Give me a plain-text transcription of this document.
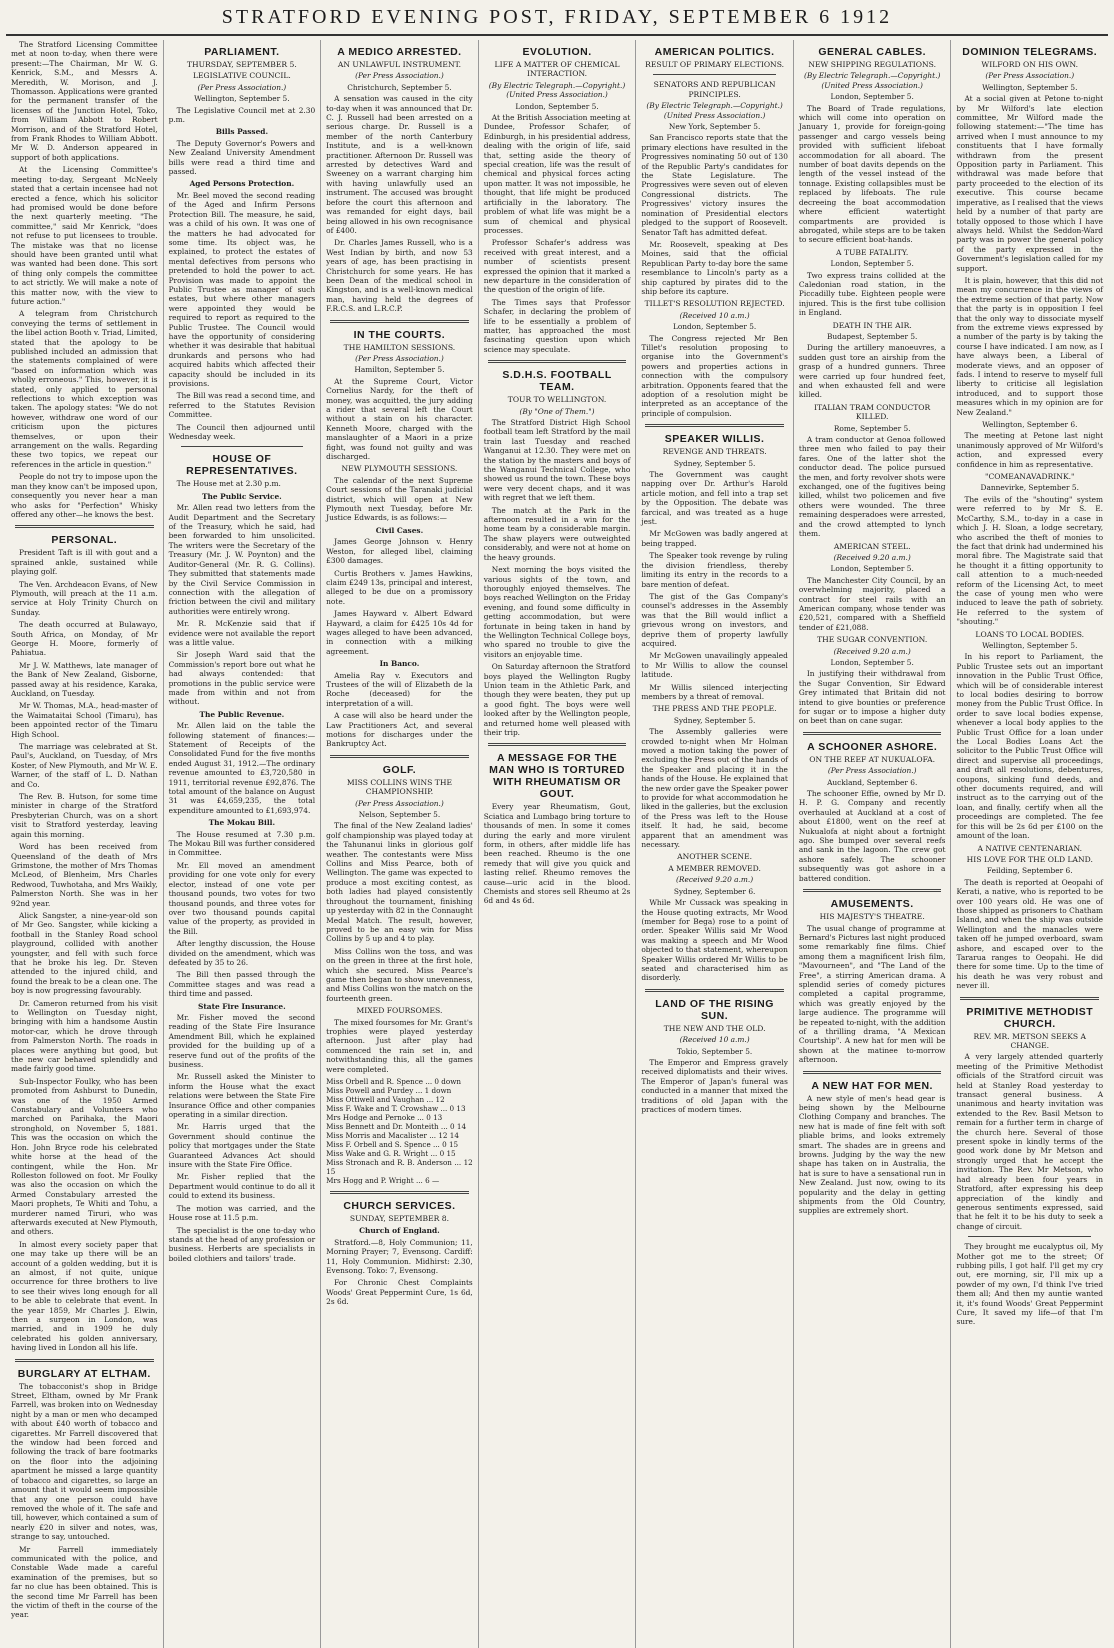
STRATFORD EVENING POST, FRIDAY, SEPTEMBER 6 1912

The Stratford Licensing Committee met at noon to-day, when there were present:—The Chairman, Mr W. G. Kenrick, S.M., and Messrs A. Meredith, W. Morison, and J. Thomasson. Applications were granted for the permanent transfer of the licenses of the Junction Hotel, Toko, from William Abbott to Robert Morrison, and of the Stratford Hotel, from Frank Rhodes to William Abbott. Mr W. D. Anderson appeared in support of both applications.

At the Licensing Committee's meeting to-day, Sergeant McNeely stated that a certain incensee had not erected a fence, which his solicitor had promised would be done before the next quarterly meeting. "The committee," said Mr Kenrick, "does not refuse to put licensees to trouble. The mistake was that no license should have been granted until what was wanted had been done. This sort of thing only compels the committee to act strictly. We will make a note of this matter now, with the view to future action."

A telegram from Christchurch conveying the terms of settlement in the libel action Booth v. Triad, Limited, stated that the apology to be published included an admission that the statements complained of were "based on information which was wholly erroneous." This, however, it is stated, only applied to personal reflections to which exception was taken. The apology states: "We do not however, withdraw one word of our criticism upon the pictures themselves, or upon their arrangement on the walls. Regarding these two topics, we repeat our references in the article in question."

People do not try to impose upon the man they know can't be imposed upon, consequently you never hear a man who asks for "Perfection" Whisky offered any other—he knows the best.

PERSONAL.

President Taft is ill with gout and a sprained ankle, sustained while playing golf.

The Ven. Archdeacon Evans, of New Plymouth, will preach at the 11 a.m. service at Holy Trinity Church on Sunday.

The death occurred at Bulawayo, South Africa, on Monday, of Mr George H. Moore, formerly of Pahiatua.

Mr J. W. Matthews, late manager of the Bank of New Zealand, Gisborne, passed away at his residence, Karaka, Auckland, on Tuesday.

Mr W. Thomas, M.A., head-master of the Waimataitai School (Timaru), has been appointed rector of the Timaru High School.

The marriage was celebrated at St. Paul's, Auckland, on Tuesday, of Mrs Koster, of New Plymouth, and Mr W. E. Warner, of the staff of L. D. Nathan and Co.

The Rev. B. Hutson, for some time minister in charge of the Stratford Presbyterian Church, was on a short visit to Stratford yesterday, leaving again this morning.

Word has been received from Queensland of the death of Mrs Grimstone, the mother of Mrs Thomas McLeod, of Blenheim, Mrs Charles Redwood, Tuwhotaha, and Mrs Waikly, Palmerston North. She was in her 92nd year.

Alick Sangster, a nine-year-old son of Mr Geo. Sangster, while kicking a football in the Stanley Road school playground, collided with another youngster, and fell with such force that he broke his leg. Dr. Steven attended to the injured child, and found the break to be a clean one. The boy is now progressing favourably.

Dr. Cameron returned from his visit to Wellington on Tuesday night, bringing with him a handsome Austin motor-car, which he drove through from Palmerston North. The roads in places were anything but good, but the new car behaved splendidly and made fairly good time.

Sub-Inspector Foulky, who has been promoted from Ashburst to Dunedin, was one of the 1950 Armed Constabulary and Volunteers who marched on Parihaka, the Maori stronghold, on November 5, 1881. This was the occasion on which the Hon. John Bryce rode his celebrated white horse at the head of the contingent, while the Hon. Mr Rolleston followed on foot. Mr Foulky was also the occasion on which the Armed Constabulary arrested the Maori prophets, Te Whiti and Tohu, a murderer named Tiruri, who was afterwards executed at New Plymouth, and others.

In almost every society paper that one may take up there will be an account of a golden wedding, but it is an almost, if not quite, unique occurrence for three brothers to live to see their wives long enough for all to be able to celebrate that event. In the year 1859, Mr Charles J. Elwin, then a surgeon in London, was married, and in 1909 he duly celebrated his golden anniversary, having lived in London all his life.

BURGLARY AT ELTHAM.

The tobacconist's shop in Bridge Street, Eltham, owned by Mr Frank Farrell, was broken into on Wednesday night by a man or men who decamped with about £40 worth of tobacco and cigarettes. Mr Farrell discovered that the window had been forced and following the track of bare footmarks on the floor into the adjoining apartment he missed a large quantity of tobacco and cigarettes, so large an amount that it would seem impossible that any one person could have removed the whole of it. The safe and till, however, which contained a sum of nearly £20 in silver and notes, was, strange to say, untouched.

Mr Farrell immediately communicated with the police, and Constable Wade made a careful examination of the premises, but so far no clue has been obtained. This is the second time Mr Farrell has been the victim of theft in the course of the year.

PARLIAMENT.
THURSDAY, SEPTEMBER 5.
LEGISLATIVE COUNCIL.
(Per Press Association.)
Wellington, September 5.

The Legislative Council met at 2.30 p.m.

Bills Passed.

The Deputy Governor's Powers and New Zealand University Amendment bills were read a third time and passed.

Aged Persons Protection.

Mr. Beel moved the second reading of the Aged and Infirm Persons Protection Bill. The measure, he said, was a child of his own. It was one of the matters he had advocated for some time. Its object was, he explained, to protect the estates of mental defectives from persons who pretended to hold the power to act. Provision was made to appoint the Public Trustee as manager of such estates, but where other managers were appointed they would be required to report as required to the Public Trustee. The Council would have the opportunity of considering whether it was desirable that habitual drunkards and persons who had acquired habits which affected their capacity should be included in its provisions.

The Bill was read a second time, and referred to the Statutes Revision Committee.

The Council then adjourned until Wednesday week.

HOUSE OF REPRESENTATIVES.

The House met at 2.30 p.m.

The Public Service.

Mr. Allen read two letters from the Audit Department and the Secretary of the Treasury, which he said, had been forwarded to him unsolicited. The writers were the Secretary of the Treasury (Mr. J. W. Poynton) and the Auditor-General (Mr. R. G. Collins). They submitted that statements made by the Civil Service Commission in connection with the allegation of friction between the civil and military authorities were entirely wrong.

Mr. R. McKenzie said that if evidence were not available the report was a little value.

Sir Joseph Ward said that the Commission's report bore out what he had always contended: that promotions in the public service were made from within and not from without.

The Public Revenue.

Mr. Allen laid on the table the following statement of finances:—Statement of Receipts of the Consolidated Fund for the five months ended August 31, 1912.—The ordinary revenue amounted to £3,720,580 in 1911, territorial revenue £92,876. The total amount of the balance on August 31 was £4,659,235, the total expenditure amounted to £1,693,974.

The Mokau Bill.

The House resumed at 7.30 p.m. The Mokau Bill was further considered in Committee.

Mr. Ell moved an amendment providing for one vote only for every elector, instead of one vote per thousand pounds, two votes for two thousand pounds, and three votes for over two thousand pounds capital value of the property, as provided in the Bill.

After lengthy discussion, the House divided on the amendment, which was defeated by 35 to 26.

The Bill then passed through the Committee stages and was read a third time and passed.

State Fire Insurance.

Mr. Fisher moved the second reading of the State Fire Insurance Amendment Bill, which he explained provided for the building up of a reserve fund out of the profits of the business.

Mr. Russell asked the Minister to inform the House what the exact relations were between the State Fire Insurance Office and other companies operating in a similar direction.

Mr. Harris urged that the Government should continue the policy that mortgages under the State Guaranteed Advances Act should insure with the State Fire Office.

Mr. Fisher replied that the Department would continue to do all it could to extend its business.

The motion was carried, and the House rose at 11.5 p.m.

The specialist is the one to-day who stands at the head of any profession or business. Herberts are specialists in boiled clothiers and tailors' trade.

A MEDICO ARRESTED.
AN UNLAWFUL INSTRUMENT.
(Per Press Association.)
Christchurch, September 5.

A sensation was caused in the city to-day when it was announced that Dr. C. J. Russell had been arrested on a serious charge. Dr. Russell is a member of the north Canterbury Institute, and is a well-known practitioner. Afternoon Dr. Russell was arrested by detectives Ward and Sweeney on a warrant charging him with having unlawfully used an instrument. The accused was brought before the court this afternoon and was remanded for eight days, bail being allowed in his own recognisance of £400.

Dr. Charles James Russell, who is a West Indian by birth, and now 53 years of age, has been practising in Christchurch for some years. He has been Dean of the medical school in Kingston, and is a well-known medical man, having held the degrees of F.R.C.S. and L.R.C.P.

IN THE COURTS.
THE HAMILTON SESSIONS.
(Per Press Association.)
Hamilton, September 5.

At the Supreme Court, Victor Cornelius Nardy, for the theft of money, was acquitted, the jury adding a rider that several left the Court without a stain on his character. Kenneth Moore, charged with the manslaughter of a Maori in a prize fight, was found not guilty and was discharged.

NEW PLYMOUTH SESSIONS.

The calendar of the next Supreme Court sessions of the Taranaki judicial district, which will open at New Plymouth next Tuesday, before Mr. Justice Edwards, is as follows:—

Civil Cases.

James George Johnson v. Henry Weston, for alleged libel, claiming £300 damages.

Curtis Brothers v. James Hawkins, claim £249 13s, principal and interest, alleged to be due on a promissory note.

James Hayward v. Albert Edward Hayward, a claim for £425 10s 4d for wages alleged to have been advanced, in connection with a milking agreement.

In Banco.

Amelia Ray v. Executors and Trustees of the will of Elizabeth de la Roche (deceased) for the interpretation of a will.

A case will also be heard under the Law Practitioners Act, and several motions for discharges under the Bankruptcy Act.

GOLF.
MISS COLLINS WINS THE CHAMPIONSHIP.
(Per Press Association.)
Nelson, September 5.

The final of the New Zealand ladies' golf championship was played today at the Tahunanui links in glorious golf weather. The contestants were Miss Collins and Miss Pearce, both of Wellington. The game was expected to produce a most exciting contest, as both ladies had played consistently throughout the tournament, finishing up yesterday with 82 in the Connaught Medal Match. The result, however, proved to be an easy win for Miss Collins by 5 up and 4 to play.

Miss Collins won the toss, and was on the green in three at the first hole, which she secured. Miss Pearce's game then began to show unevenness, and Miss Collins won the match on the fourteenth green.

MIXED FOURSOMES.

The mixed foursomes for Mr. Grant's trophies were played yesterday afternoon. Just after play had commenced the rain set in, and notwithstanding this, all the games were completed.

Miss Orbell and R. Spence ... 0 down
Miss Powell and Purdey ... 1 down
Miss Ottiwell and Vaughan ... 12
Miss F. Wake and T. Crowshaw ... 0 13
Mrs Hodge and Pernoke ... 0 13
Miss Bennett and Dr. Monteith ... 0 14
Miss Morris and Macalister ... 12 14
Miss F. Orbell and S. Spence ... 0 15
Miss Wake and G. R. Wright ... 0 15
Miss Stronach and R. B. Anderson ... 12 15
Mrs Hogg and P. Wright ... 6 —
CHURCH SERVICES.
SUNDAY, SEPTEMBER 8.
Church of England.

Stratford.—8, Holy Communion; 11, Morning Prayer; 7, Evensong. Cardiff: 11, Holy Communion. Midhirst: 2.30, Evensong. Toko: 7, Evensong.

For Chronic Chest Complaints Woods' Great Peppermint Cure, 1s 6d, 2s 6d.

EVOLUTION.
LIFE A MATTER OF CHEMICAL INTERACTION.
(By Electric Telegraph.—Copyright.) (United Press Association.)
London, September 5.

At the British Association meeting at Dundee, Professor Schafer, of Edinburgh, in his presidential address, dealing with the origin of life, said that, setting aside the theory of special creation, life was the result of chemical and physical forces acting upon matter. It was not impossible, he thought, that life might be produced artificially in the laboratory. The problem of what life was might be a sum of chemical and physical processes.

Professor Schafer's address was received with great interest, and a number of scientists present expressed the opinion that it marked a new departure in the consideration of the question of the origin of life.

The Times says that Professor Schafer, in declaring the problem of life to be essentially a problem of matter, has approached the most fascinating question upon which science may speculate.

S.D.H.S. FOOTBALL TEAM.
TOUR TO WELLINGTON.
(By "One of Them.")

The Stratford District High School football team left Stratford by the mail train last Tuesday and reached Wanganui at 12.30. They were met on the station by the masters and boys of the Wanganui Technical College, who showed us round the town. These boys were very decent chaps, and it was with regret that we left them.

The match at the Park in the afternoon resulted in a win for the home team by a considerable margin. The shaw players were outweighted considerably, and were not at home on the heavy grounds.

Next morning the boys visited the various sights of the town, and thoroughly enjoyed themselves. The boys reached Wellington on the Friday evening, and found some difficulty in getting accommodation, but were fortunate in being taken in hand by the Wellington Technical College boys, who spared no trouble to give the visitors an enjoyable time.

On Saturday afternoon the Stratford boys played the Wellington Rugby Union team in the Athletic Park, and though they were beaten, they put up a good fight. The boys were well looked after by the Wellington people, and returned home well pleased with their trip.

A MESSAGE FOR THE MAN WHO IS TORTURED WITH RHEUMATISM OR GOUT.

Every year Rheumatism, Gout, Sciatica and Lumbago bring torture to thousands of men. In some it comes during the early and more virulent form, in others, after middle life has been reached. Rheumo is the one remedy that will give you quick and lasting relief. Rheumo removes the cause—uric acid in the blood. Chemists and stores sell Rheumo at 2s 6d and 4s 6d.

AMERICAN POLITICS.
RESULT OF PRIMARY ELECTIONS.
SENATORS AND REPUBLICAN PRINCIPLES.
(By Electric Telegraph.—Copyright.) (United Press Association.)
New York, September 5.

San Francisco reports state that the primary elections have resulted in the Progressives nominating 50 out of 130 of the Republic Party's candidates for the State Legislature. The Progressives were seven out of eleven Congressional districts. The Progressives' victory insures the nomination of Presidential electors pledged to the support of Roosevelt. Senator Taft has admitted defeat.

Mr. Roosevelt, speaking at Des Moines, said that the official Republican Party to-day bore the same resemblance to Lincoln's party as a ship captured by pirates did to the ship before its capture.

TILLET'S RESOLUTION REJECTED.
(Received 10 a.m.)
London, September 5.

The Congress rejected Mr Ben Tillet's resolution proposing to organise into the Government's powers and properties actions in connection with the compulsory arbitration. Opponents feared that the adoption of a resolution might be interpreted as an acceptance of the principle of compulsion.

SPEAKER WILLIS.
REVENGE AND THREATS.
Sydney, September 5.

The Government was caught napping over Dr. Arthur's Harold article motion, and fell into a trap set by the Opposition. The debate was farcical, and was treated as a huge jest.

Mr McGowen was badly angered at being trapped.

The Speaker took revenge by ruling the division friendless, thereby limiting its entry in the records to a bare mention of defeat.

The gist of the Gas Company's counsel's addresses in the Assembly was that the Bill would inflict a grievous wrong on investors, and deprive them of property lawfully acquired.

Mr McGowen unavailingly appealed to Mr Willis to allow the counsel latitude.

Mr Willis silenced interjecting members by a threat of removal.

THE PRESS AND THE PEOPLE.
Sydney, September 5.

The Assembly galleries were crowded to-night when Mr Holman moved a motion taking the power of excluding the Press out of the hands of the Speaker and placing it in the hands of the House. He explained that the new order gave the Speaker power to provide for what accommodation he liked in the galleries, but the exclusion of the Press was left to the House itself. It had, he said, become apparent that an amendment was necessary.

ANOTHER SCENE.
A MEMBER REMOVED.
(Received 9.20 a.m.)
Sydney, September 6.

While Mr Cussack was speaking in the House quoting extracts, Mr Wood (member for Bega) rose to a point of order. Speaker Willis said Mr Wood was making a speech and Mr Wood objected to that statement, whereupon Speaker Willis ordered Mr Willis to be seated and characterised him as disorderly.

LAND OF THE RISING SUN.
THE NEW AND THE OLD.
(Received 10 a.m.)
Tokio, September 5.

The Emperor and Empress gravely received diplomatists and their wives. The Emperor of Japan's funeral was conducted in a manner that mixed the traditions of old Japan with the practices of modern times.

GENERAL CABLES.
NEW SHIPPING REGULATIONS.
(By Electric Telegraph.—Copyright.) (United Press Association.)
London, September 5.

The Board of Trade regulations, which will come into operation on January 1, provide for foreign-going passenger and cargo vessels being provided with sufficient lifeboat accommodation for all aboard. The number of boat davits depends on the length of the vessel instead of the tonnage. Existing collapsibles must be replaced by lifeboats. The rule decreeing the boat accommodation where efficient watertight compartments are provided is abrogated, while steps are to be taken to secure efficient boat-hands.

A TUBE FATALITY.
London, September 5.

Two express trains collided at the Caledonian road station, in the Piccadilly tube. Eighteen people were injured. This is the first tube collision in England.

DEATH IN THE AIR.
Budapest, September 5.

During the artillery manoeuvres, a sudden gust tore an airship from the grasp of a hundred gunners. Three were carried up four hundred feet, and when exhausted fell and were killed.

ITALIAN TRAM CONDUCTOR KILLED.
Rome, September 5.

A tram conductor at Genoa followed three men who failed to pay their fares. One of the latter shot the conductor dead. The police pursued the men, and forty revolver shots were exchanged, one of the fugitives being killed, whilst two policemen and five others were wounded. The three remaining desperadoes were arrested, and the crowd attempted to lynch them.

AMERICAN STEEL.
(Received 9.20 a.m.)
London, September 5.

The Manchester City Council, by an overwhelming majority, placed a contract for steel rails with an American company, whose tender was £20,521, compared with a Sheffield tender of £21,088.

THE SUGAR CONVENTION.
(Received 9.20 a.m.)
London, September 5.

In justifying their withdrawal from the Sugar Convention, Sir Edward Grey intimated that Britain did not intend to give bounties or preference for sugar or to impose a higher duty on beet than on cane sugar.

A SCHOONER ASHORE.
ON THE REEF AT NUKUALOFA.
(Per Press Association.)
Auckland, September 6.

The schooner Effie, owned by Mr D. H. P. G. Company and recently overhauled at Auckland at a cost of about £1800, went on the reef at Nukualofa at night about a fortnight ago. She bumped over several reefs and sank in the lagoon. The crew got ashore safely. The schooner subsequently was got ashore in a battered condition.

AMUSEMENTS.
HIS MAJESTY'S THEATRE.

The usual change of programme at Bernard's Pictures last night produced some remarkably fine films. Chief among them a magnificent Irish film, "Mavourneen", and "The Land of the Free", a stirring American drama. A splendid series of comedy pictures completed a capital programme, which was greatly enjoyed by the large audience. The programme will be repeated to-night, with the addition of a thrilling drama, "A Mexican Courtship". A new hat for men will be shown at the matinee to-morrow afternoon.

A NEW HAT FOR MEN.

A new style of men's head gear is being shown by the Melbourne Clothing Company and branches. The new hat is made of fine felt with soft pliable brims, and looks extremely smart. The shades are in greens and browns. Judging by the way the new shape has taken on in Australia, the hat is sure to have a sensational run in New Zealand. Just now, owing to its popularity and the delay in getting shipments from the Old Country, supplies are extremely short.

DOMINION TELEGRAMS.
WILFORD ON HIS OWN.
(Per Press Association.)
Wellington, September 5.

At a social given at Petone to-night by Mr Wilford's late election committee, Mr Wilford made the following statement:—"The time has arrived when I must announce to my constituents that I have formally withdrawn from the present Opposition party in Parliament. This withdrawal was made before that party proceeded to the election of its executive. This course became imperative, as I realised that the views held by a number of that party are totally opposed to those which I have always held. Whilst the Seddon-Ward party was in power the general policy of the party expressed in the Government's legislation called for my support.

It is plain, however, that this did not mean my concurrence in the views of the extreme section of that party. Now that the party is in opposition I feel that the only way to dissociate myself from the extreme views expressed by a number of the party is by taking the course I have indicated. I am now, as I have always been, a Liberal of moderate views, and an opposer of fads. I intend to reserve to myself full liberty to criticise all legislation introduced, and to support those measures which in my opinion are for New Zealand."

Wellington, September 6.

The meeting at Petone last night unanimously approved of Mr Wilford's action, and expressed every confidence in him as representative.

"COMEANAVADRINK."
Dannevirke, September 5.

The evils of the "shouting" system were referred to by Mr S. E. McCarthy, S.M., to-day in a case in which J. H. Sloan, a lodge secretary, who ascribed the theft of monies to the fact that drink had undermined his moral fibre. The Magistrate said that he thought it a fitting opportunity to call attention to a much-needed reform of the Licensing Act, to meet the case of young men who were induced to leave the path of sobriety. He referred to the system of "shouting."

LOANS TO LOCAL BODIES.
Wellington, September 5.

In his report to Parliament, the Public Trustee sets out an important innovation in the Public Trust Office, which will be of considerable interest to local bodies desiring to borrow money from the Public Trust Office. In order to save local bodies expense, whenever a local body applies to the Public Trust Office for a loan under the Local Bodies Loans Act the solicitor to the Public Trust Office will direct and supervise all proceedings, and draft all resolutions, debentures, coupons, sinking fund deeds, and other documents required, and will instruct as to the carrying out of the loan, and finally, certify when all the proceedings are completed. The fee for this will be 2s 6d per £100 on the amount of the loan.

A NATIVE CENTENARIAN.
HIS LOVE FOR THE OLD LAND.
Feilding, September 6.

The death is reported at Oeopahi of Kerati, a native, who is reported to be over 100 years old. He was one of those shipped as prisoners to Chatham Island, and when the ship was outside Wellington and the manacles were taken off he jumped overboard, swam ashore, and escaped over to the Tararua ranges to Oeopahi. He did there for some time. Up to the time of his death he was very robust and never ill.

PRIMITIVE METHODIST CHURCH.
REV. MR. METSON SEEKS A CHANGE.

A very largely attended quarterly meeting of the Primitive Methodist officials of the Stratford circuit was held at Stanley Road yesterday to transact general business. A unanimous and hearty invitation was extended to the Rev. Basil Metson to remain for a further term in charge of the church here. Several of those present spoke in kindly terms of the good work done by Mr Metson and strongly urged that he accept the invitation. The Rev. Mr Metson, who had already been four years in Stratford, after expressing his deep appreciation of the kindly and generous sentiments expressed, said that he felt it to be his duty to seek a change of circuit.

They brought me eucalyptus oil, My Mother got me to the street; Of rubbing pills, I got half. I'll get my cry out, ere morning, sir, I'll mix up a powder of my own, I'd think I've tried them all; And then my auntie wanted it, it's found Woods' Great Peppermint Cure, It saved my life—of that I'm sure.
